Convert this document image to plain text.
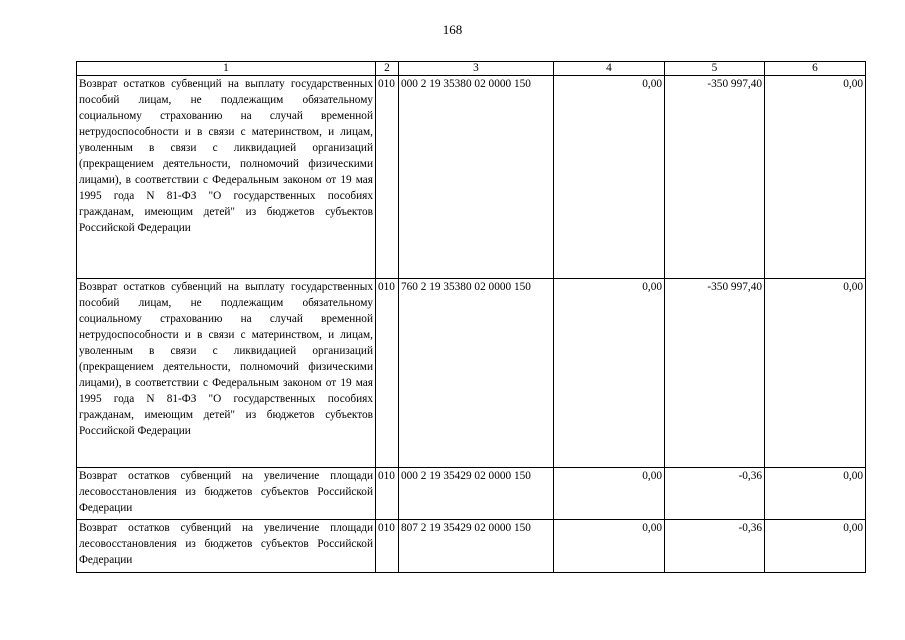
168
1	2	3	4	5	6
Возврат остатков субвенций на выплату государственных пособий лицам, не подлежащим обязательному социальному страхованию на случай временной нетрудоспособности и в связи с материнством, и лицам, уволенным в связи с ликвидацией организаций (прекращением деятельности, полномочий физическими лицами), в соответствии с Федеральным законом от 19 мая 1995 года N 81-ФЗ "О государственных пособиях гражданам, имеющим детей" из бюджетов субъектов Российской Федерации	010	000 2 19 35380 02 0000 150	0,00	-350 997,40	0,00
Возврат остатков субвенций на выплату государственных пособий лицам, не подлежащим обязательному социальному страхованию на случай временной нетрудоспособности и в связи с материнством, и лицам, уволенным в связи с ликвидацией организаций (прекращением деятельности, полномочий физическими лицами), в соответствии с Федеральным законом от 19 мая 1995 года N 81-ФЗ "О государственных пособиях гражданам, имеющим детей" из бюджетов субъектов Российской Федерации	010	760 2 19 35380 02 0000 150	0,00	-350 997,40	0,00
Возврат остатков субвенций на увеличение площади лесовосстановления из бюджетов субъектов Российской Федерации	010	000 2 19 35429 02 0000 150	0,00	-0,36	0,00
Возврат остатков субвенций на увеличение площади лесовосстановления из бюджетов субъектов Российской Федерации	010	807 2 19 35429 02 0000 150	0,00	-0,36	0,00
